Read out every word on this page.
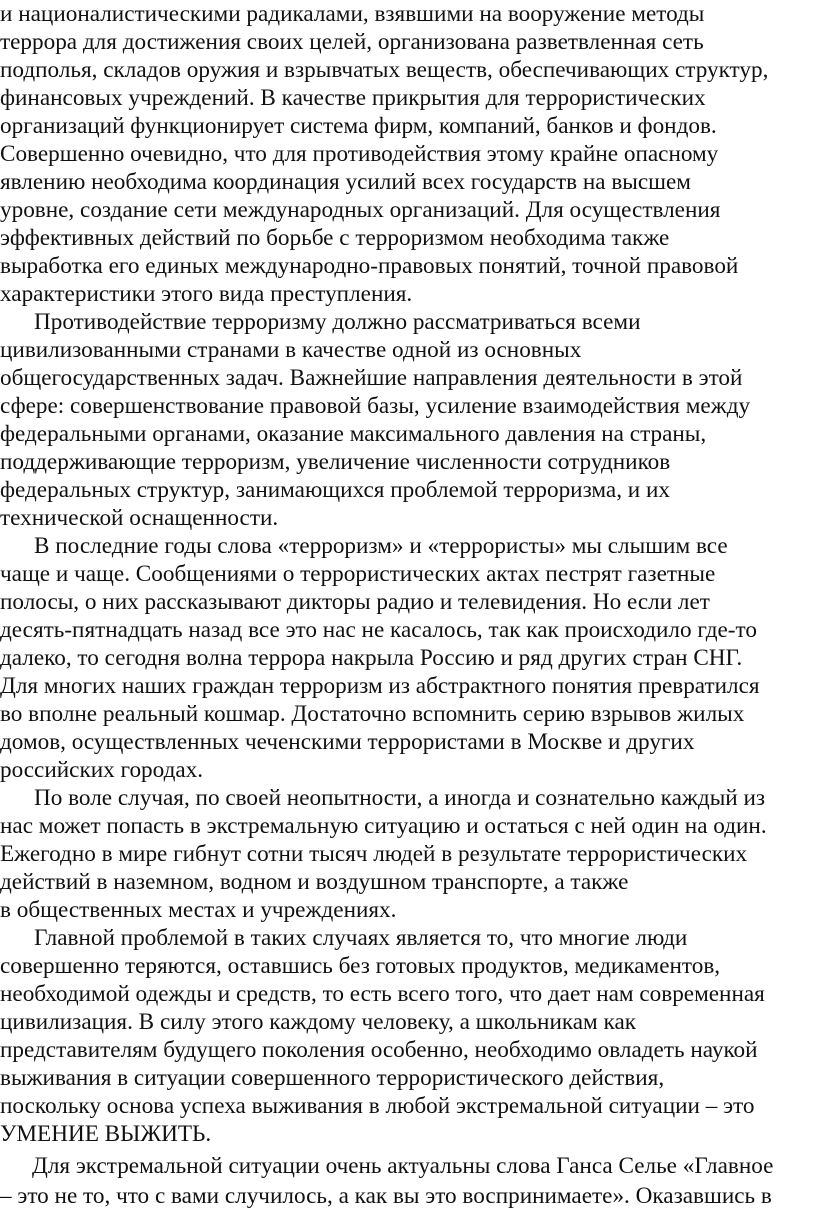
и националистическими радикалами, взявшими на вооружение методы
террора для достижения своих целей, организована разветвленная сеть
подполья, складов оружия и взрывчатых веществ, обеспечивающих структур,
финансовых учреждений. В качестве прикрытия для террористических
организаций функционирует система фирм, компаний, банков и фондов.
Совершенно очевидно, что для противодействия этому крайне опасному
явлению необходима координация усилий всех государств на высшем
уровне, создание сети международных организаций. Для осуществления
эффективных действий по борьбе с терроризмом необходима также
выработка его единых международно-правовых понятий, точной правовой
характеристики этого вида преступления.
Противодействие терроризму должно рассматриваться всеми
цивилизованными странами в качестве одной из основных
общегосударственных задач. Важнейшие направления деятельности в этой
сфере: совершенствование правовой базы, усиление взаимодействия между
федеральными органами, оказание максимального давления на страны,
поддерживающие терроризм, увеличение численности сотрудников
федеральных структур, занимающихся проблемой терроризма, и их
технической оснащенности.
В последние годы слова «терроризм» и «террористы» мы слышим все
чаще и чаще. Сообщениями о террористических актах пестрят газетные
полосы, о них рассказывают дикторы радио и телевидения. Но если лет
десять-пятнадцать назад все это нас не касалось, так как происходило где-то
далеко, то сегодня волна террора накрыла Россию и ряд других стран СНГ.
Для многих наших граждан терроризм из абстрактного понятия превратился
во вполне реальный кошмар. Достаточно вспомнить серию взрывов жилых
домов, осуществленных чеченскими террористами в Москве и других
российских городах.
По воле случая, по своей неопытности, а иногда и сознательно каждый из
нас может попасть в экстремальную ситуацию и остаться с ней один на один.
Ежегодно в мире гибнут сотни тысяч людей в результате террористических
действий в наземном, водном и воздушном транспорте, а также
в общественных местах и учреждениях.
Главной проблемой в таких случаях является то, что многие люди
совершенно теряются, оставшись без готовых продуктов, медикаментов,
необходимой одежды и средств, то есть всего того, что дает нам современная
цивилизация. В силу этого каждому человеку, а школьникам как
представителям будущего поколения особенно, необходимо овладеть наукой
выживания в ситуации совершенного террористического действия,
поскольку основа успеха выживания в любой экстремальной ситуации – это
УМЕНИЕ ВЫЖИТЬ.
Для экстремальной ситуации очень актуальны слова Ганса Селье «Главное
– это не то, что с вами случилось, а как вы это воспринимаете». Оказавшись в
